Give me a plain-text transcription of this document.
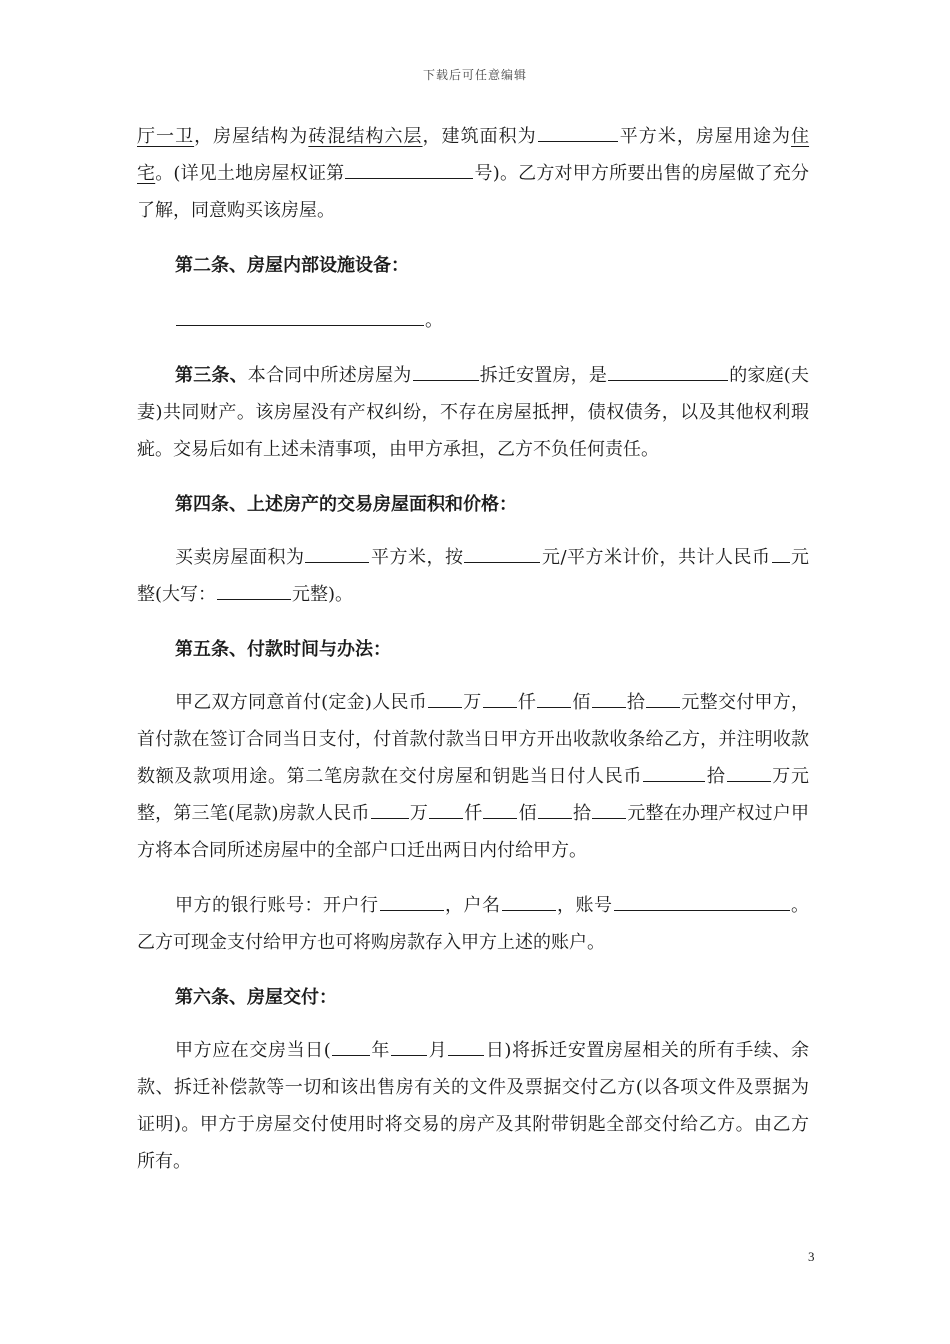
下载后可任意编辑

厅一卫，房屋结构为砖混结构六层，建筑面积为	平方米，房屋用途为住宅。(详见土地房屋权证第	号)。乙方对甲方所要出售的房屋做了充分了解，同意购买该房屋。

第二条、房屋内部设施设备：

。

第三条、本合同中所述房屋为	拆迁安置房，是	的家庭(夫妻)共同财产。该房屋没有产权纠纷，不存在房屋抵押，债权债务，以及其他权利瑕疵。交易后如有上述未清事项，由甲方承担，乙方不负任何责任。

第四条、上述房产的交易房屋面积和价格：

买卖房屋面积为	平方米，按	元/平方米计价，共计人民币 元整(大写：	元整)。

第五条、付款时间与办法：

甲乙双方同意首付(定金)人民币 万 仟 佰 拾 元整交付甲方，首付款在签订合同当日支付，付首款付款当日甲方开出收款收条给乙方，并注明收款数额及款项用途。第二笔房款在交付房屋和钥匙当日付人民币	拾	万元整，第三笔(尾款)房款人民币 万 仟 佰 拾 元整在办理产权过户甲方将本合同所述房屋中的全部户口迁出两日内付给甲方。

甲方的银行账号：开户行	，户名	，账号	。乙方可现金支付给甲方也可将购房款存入甲方上述的账户。

第六条、房屋交付：

甲方应在交房当日( 年 月 日)将拆迁安置房屋相关的所有手续、余款、拆迁补偿款等一切和该出售房有关的文件及票据交付乙方(以各项文件及票据为证明)。甲方于房屋交付使用时将交易的房产及其附带钥匙全部交付给乙方。由乙方所有。

3
